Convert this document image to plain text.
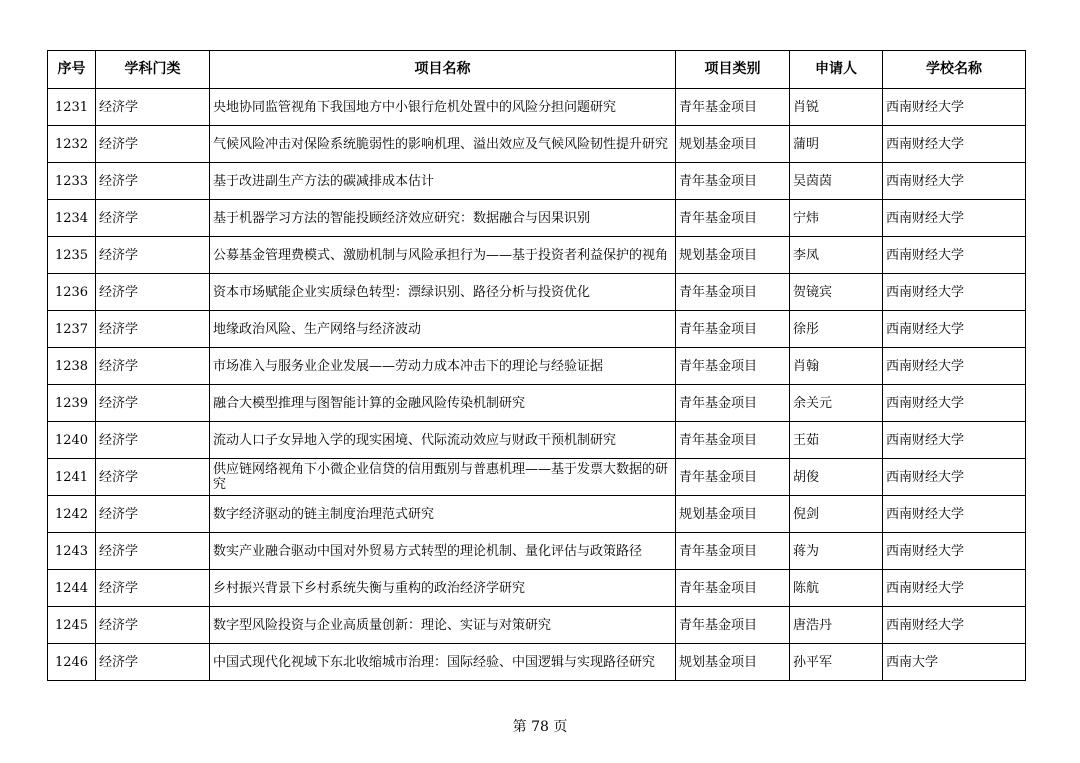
序号	学科门类	项目名称	项目类别	申请人	学校名称
1231	经济学	央地协同监管视角下我国地方中小银行危机处置中的风险分担问题研究	青年基金项目	肖锐	西南财经大学
1232	经济学	气候风险冲击对保险系统脆弱性的影响机理、溢出效应及气候风险韧性提升研究	规划基金项目	蒲明	西南财经大学
1233	经济学	基于改进副生产方法的碳减排成本估计	青年基金项目	吴茵茵	西南财经大学
1234	经济学	基于机器学习方法的智能投顾经济效应研究：数据融合与因果识别	青年基金项目	宁炜	西南财经大学
1235	经济学	公募基金管理费模式、激励机制与风险承担行为——基于投资者利益保护的视角	规划基金项目	李凤	西南财经大学
1236	经济学	资本市场赋能企业实质绿色转型：漂绿识别、路径分析与投资优化	青年基金项目	贺镜宾	西南财经大学
1237	经济学	地缘政治风险、生产网络与经济波动	青年基金项目	徐彤	西南财经大学
1238	经济学	市场准入与服务业企业发展——劳动力成本冲击下的理论与经验证据	青年基金项目	肖翰	西南财经大学
1239	经济学	融合大模型推理与图智能计算的金融风险传染机制研究	青年基金项目	余关元	西南财经大学
1240	经济学	流动人口子女异地入学的现实困境、代际流动效应与财政干预机制研究	青年基金项目	王茹	西南财经大学
1241	经济学	供应链网络视角下小微企业信贷的信用甄别与普惠机理——基于发票大数据的研究	青年基金项目	胡俊	西南财经大学
1242	经济学	数字经济驱动的链主制度治理范式研究	规划基金项目	倪剑	西南财经大学
1243	经济学	数实产业融合驱动中国对外贸易方式转型的理论机制、量化评估与政策路径	青年基金项目	蒋为	西南财经大学
1244	经济学	乡村振兴背景下乡村系统失衡与重构的政治经济学研究	青年基金项目	陈航	西南财经大学
1245	经济学	数字型风险投资与企业高质量创新：理论、实证与对策研究	青年基金项目	唐浩丹	西南财经大学
1246	经济学	中国式现代化视域下东北收缩城市治理：国际经验、中国逻辑与实现路径研究	规划基金项目	孙平军	西南大学
第 78 页
